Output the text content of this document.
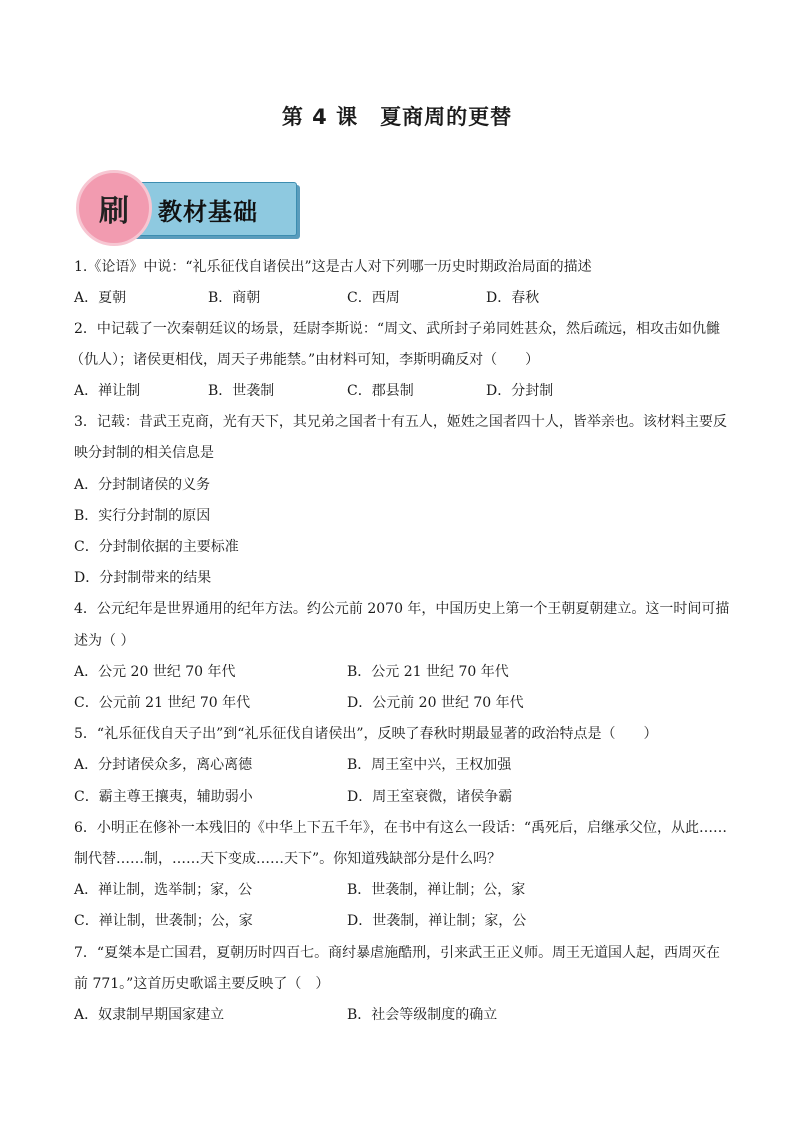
第 4 课 夏商周的更替
刷	教材基础
1.《论语》中说：“礼乐征伐自诸侯出”这是古人对下列哪一历史时期政治局面的描述
A．夏朝	B．商朝	C．西周	D．春秋
2．中记载了一次秦朝廷议的场景，廷尉李斯说：“周文、武所封子弟同姓甚众，然后疏远，相攻击如仇雠
（仇人）；诸侯更相伐，周天子弗能禁。”由材料可知，李斯明确反对（　　）
A．禅让制	B．世袭制	C．郡县制	D．分封制
3．记载：昔武王克商，光有天下，其兄弟之国者十有五人，姬姓之国者四十人，皆举亲也。该材料主要反
映分封制的相关信息是
A．分封制诸侯的义务
B．实行分封制的原因
C．分封制依据的主要标准
D．分封制带来的结果
4．公元纪年是世界通用的纪年方法。约公元前 2070 年，中国历史上第一个王朝夏朝建立。这一时间可描
述为（ ）
A．公元 20 世纪 70 年代	B．公元 21 世纪 70 年代
C．公元前 21 世纪 70 年代	D．公元前 20 世纪 70 年代
5．“礼乐征伐自天子出”到“礼乐征伐自诸侯出”，反映了春秋时期最显著的政治特点是（　　）
A．分封诸侯众多，离心离德	B．周王室中兴，王权加强
C．霸主尊王攘夷，辅助弱小	D．周王室衰微，诸侯争霸
6．小明正在修补一本残旧的《中华上下五千年》，在书中有这么一段话：“禹死后，启继承父位，从此……
制代替……制，……天下变成……天下”。你知道残缺部分是什么吗？
A．禅让制，选举制；家，公	B．世袭制，禅让制；公，家
C．禅让制，世袭制；公，家	D．世袭制，禅让制；家，公
7．“夏桀本是亡国君，夏朝历时四百七。商纣暴虐施酷刑，引来武王正义师。周王无道国人起，西周灭在
前 771。”这首历史歌谣主要反映了（　）
A．奴隶制早期国家建立	B．社会等级制度的确立
